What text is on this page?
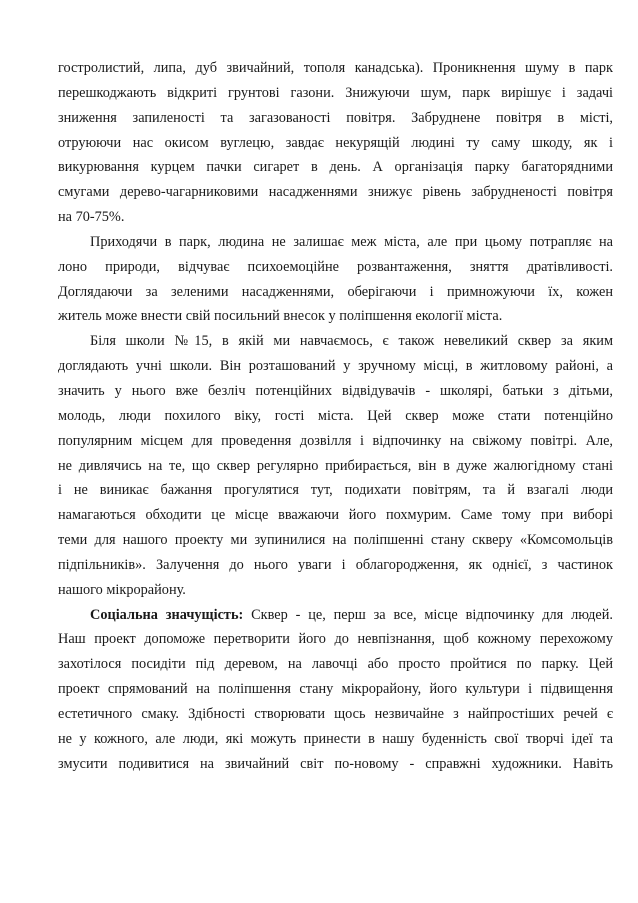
гостролистий, липа, дуб звичайний, тополя канадська). Проникнення шуму в парк
перешкоджають відкриті грунтові газони. Знижуючи шум, парк вирішує і задачі
зниження запиленості та загазованості повітря. Забруднене повітря в місті,
отруюючи нас окисом вуглецю, завдає некурящій людині ту саму шкоду, як і
викурювання курцем пачки сигарет в день. А організація парку багаторядними
смугами дерево-чагарниковими насадженнями знижує рівень забрудненості повітря
на 70-75%.
Приходячи в парк, людина не залишає меж міста, але при цьому потрапляє на
лоно природи, відчуває психоемоційне розвантаження, зняття дратівливості.
Доглядаючи за зеленими насадженнями, оберігаючи і примножуючи їх, кожен
житель може внести свій посильний внесок у поліпшення екології міста.
Біля школи №15, в якій ми навчаємось, є також невеликий сквер за яким
доглядають учні школи. Він розташований у зручному місці, в житловому районі, а
значить у нього вже безліч потенційних відвідувачів - школярі, батьки з дітьми,
молодь, люди похилого віку, гості міста. Цей сквер може стати потенційно
популярним місцем для проведення дозвілля і відпочинку на свіжому повітрі. Але,
не дивлячись на те, що сквер регулярно прибирається, він в дуже жалюгідному стані
і не виникає бажання прогулятися тут, подихати повітрям, та й взагалі люди
намагаються обходити це місце вважаючи його похмурим. Саме тому при виборі
теми для нашого проекту ми зупинилися на поліпшенні стану скверу «Комсомольців
підпільників». Залучення до нього уваги і облагородження, як однієї, з частинок
нашого мікрорайону.
Соціальна значущість: Сквер - це, перш за все, місце відпочинку для людей.
Наш проект допоможе перетворити його до невпізнання, щоб кожному перехожому
захотілося посидіти під деревом, на лавочці або просто пройтися по парку. Цей
проект спрямований на поліпшення стану мікрорайону, його культури і підвищення
естетичного смаку. Здібності створювати щось незвичайне з найпростіших речей є
не у кожного, але люди, які можуть принести в нашу буденність свої творчі ідеї та
змусити подивитися на звичайний світ по-новому - справжні художники. Навіть
